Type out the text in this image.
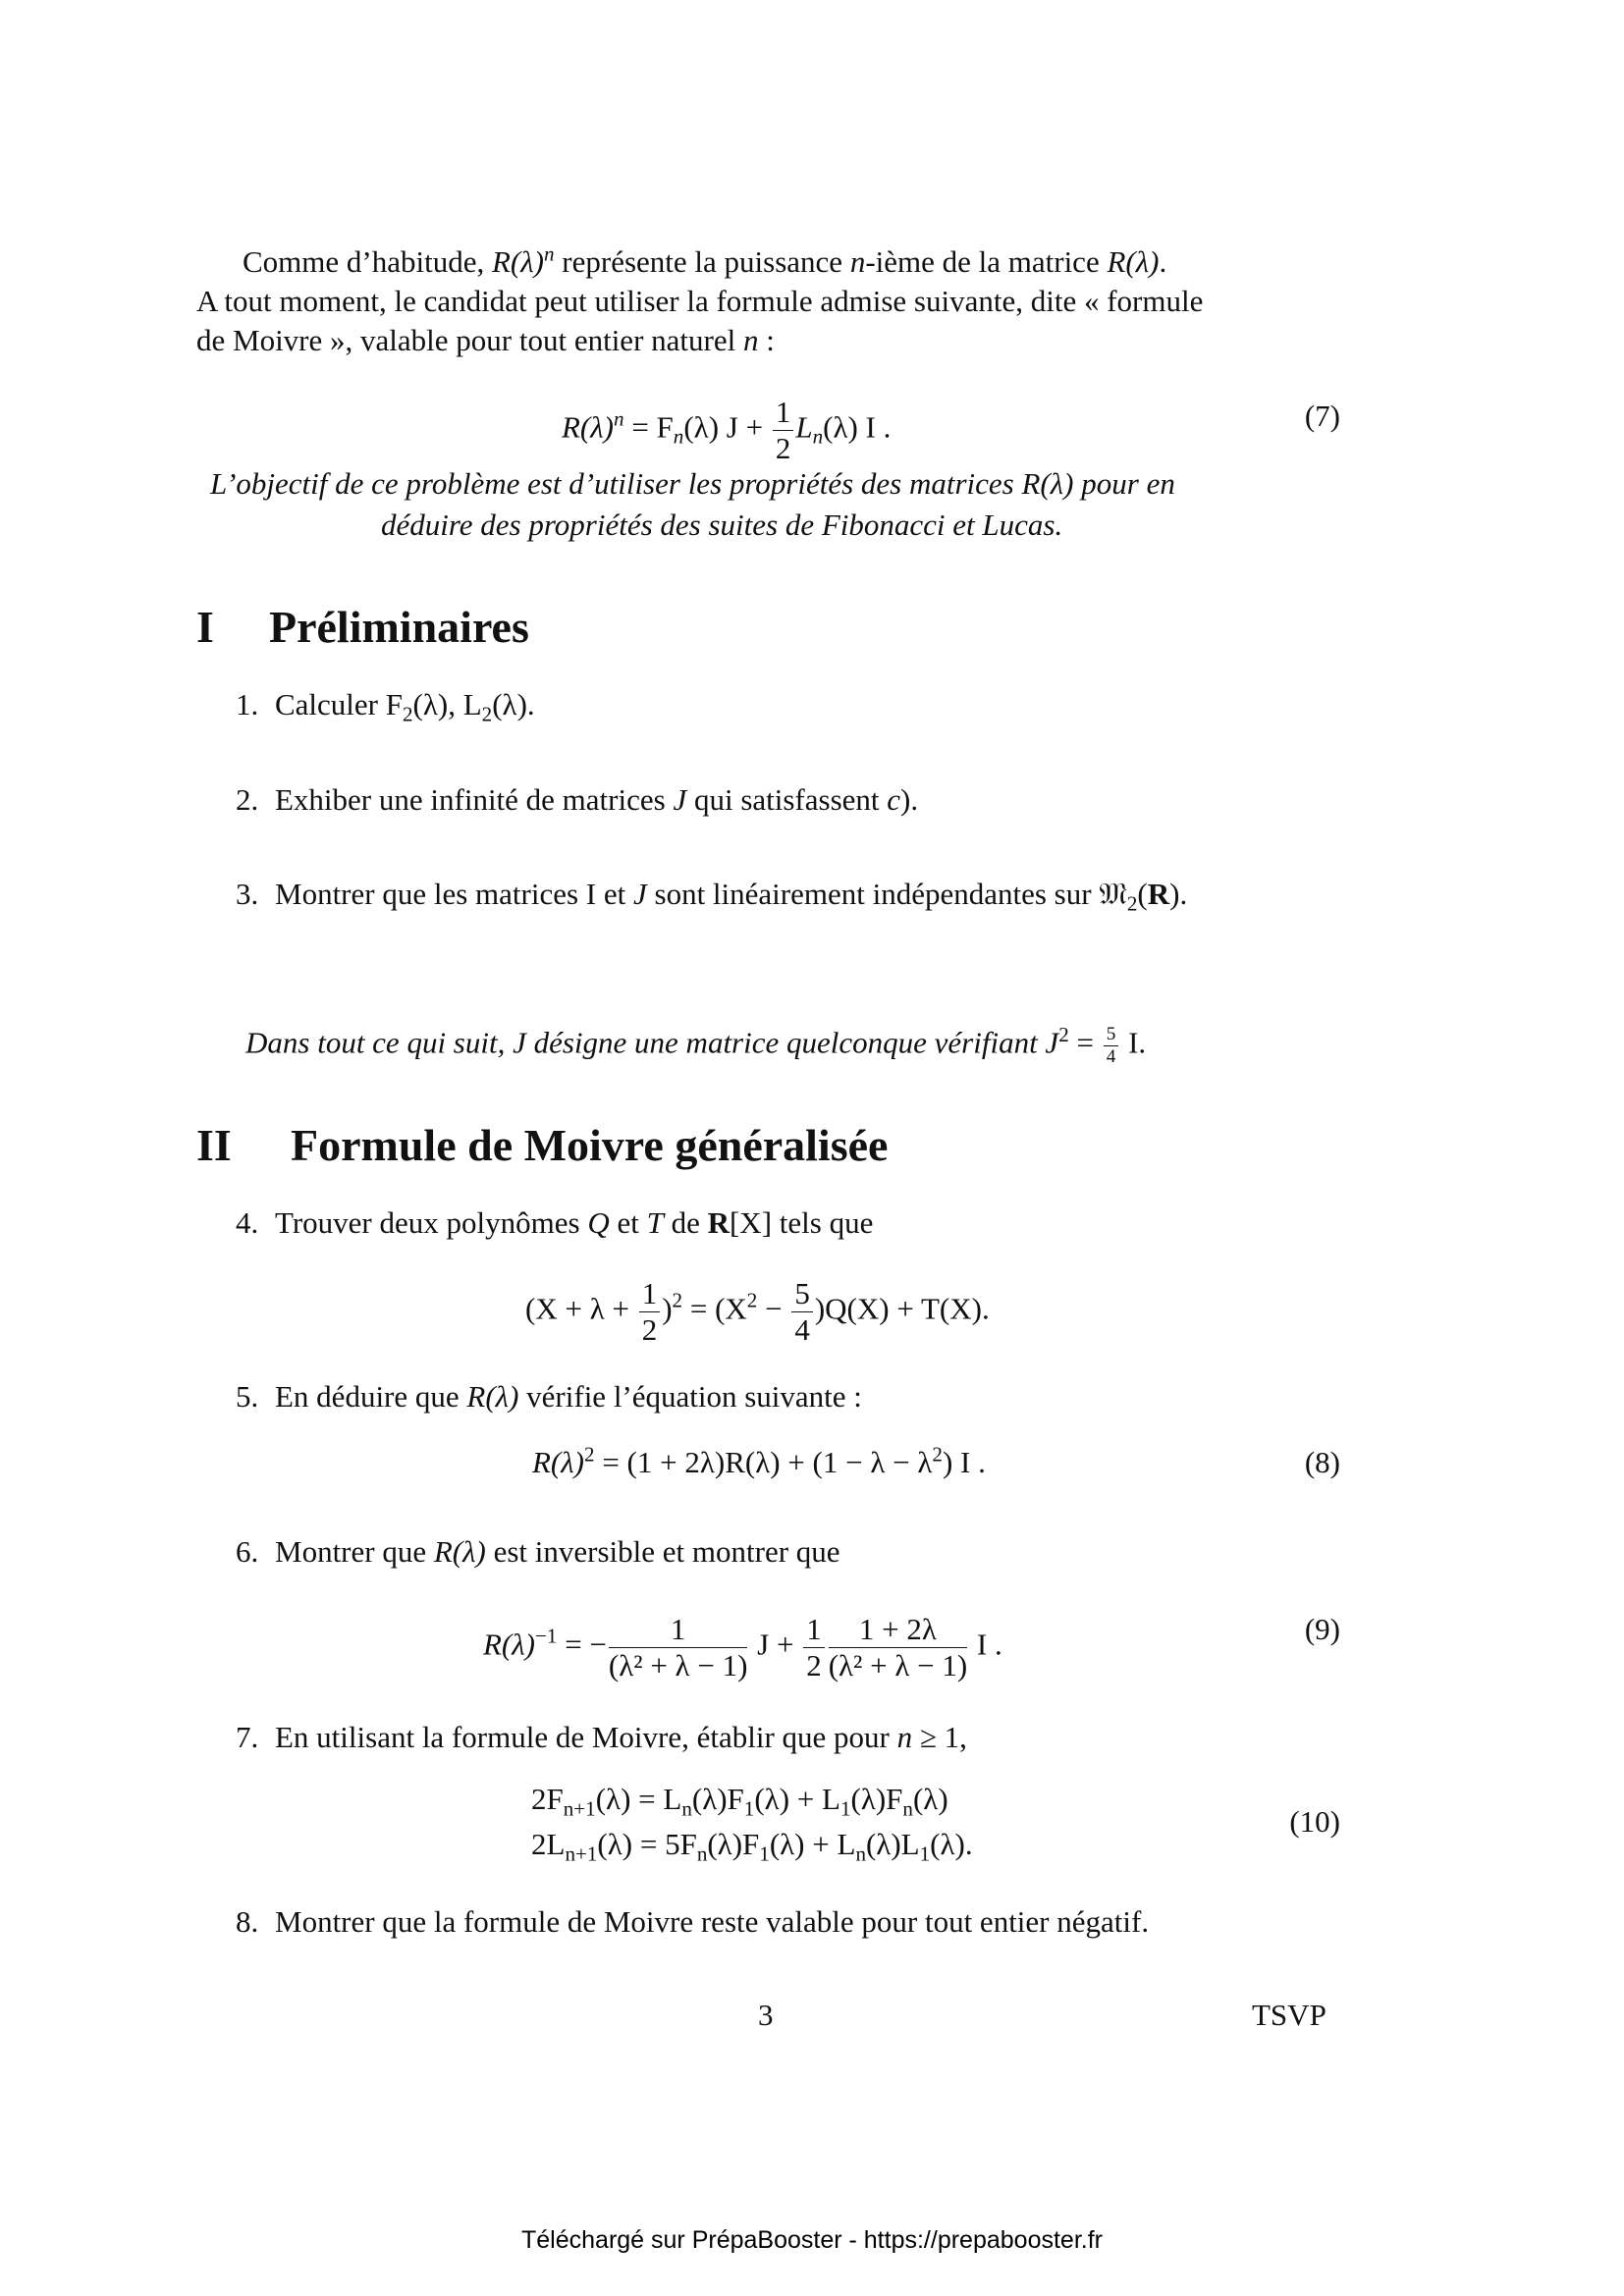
Comme d’habitude, $R(\lambda)^n$ représente la puissance n-ième de la matrice R(λ).
A tout moment, le candidat peut utiliser la formule admise suivante, dite « formule
de Moivre », valable pour tout entier naturel n :
$R(\lambda)^n = F_n(\lambda) J + \frac{1}{2} L_n(\lambda)$ I .	(7)
L’objectif de ce problème est d’utiliser les propriétés des matrices R(λ) pour en
déduire des propriétés des suites de Fibonacci et Lucas.
I Préliminaires
1. Calculer $F_2(\lambda)$, $L_2(\lambda)$.
2. Exhiber une infinité de matrices J qui satisfassent c).
3. Montrer que les matrices I et J sont linéairement indépendantes sur 𝔐$_2$(R).
Dans tout ce qui suit, J désigne une matrice quelconque vérifiant $J^2 = \frac{5}{4} I$.
II Formule de Moivre généralisée
4. Trouver deux polynômes Q et T de R[X] tels que
$(X + \lambda + \frac{1}{2} )^2 = (X^2 - \frac{5}{4} )Q(X) + T(X)$.
5. En déduire que R(λ) vérifie l’équation suivante :
$R(\lambda)^2 = (1 + 2\lambda)R(\lambda) + (1 - \lambda - \lambda^2)$ I .	(8)
6. Montrer que R(λ) est inversible et montrer que
$R(\lambda)^{-1}$ = − $\frac{1}{\text{(λ² + λ − 1)}}$ $J + \frac{1}{2} \frac{1 + 2\lambda}{\text{(λ² + λ − 1)}}$ I .	(9)
7. En utilisant la formule de Moivre, établir que pour n ≥ 1,
$2F_{n+1}(\lambda) = L_n(\lambda)F_1(\lambda) + L_1(\lambda)F_n(\lambda)$
$2L_{n+1}(\lambda) = 5F_n(\lambda)F_1(\lambda) + L_n(\lambda)L_1(\lambda)$.
(10)
8. Montrer que la formule de Moivre reste valable pour tout entier négatif.
3	TSVP
Téléchargé sur PrépaBooster - https://prepabooster.fr
